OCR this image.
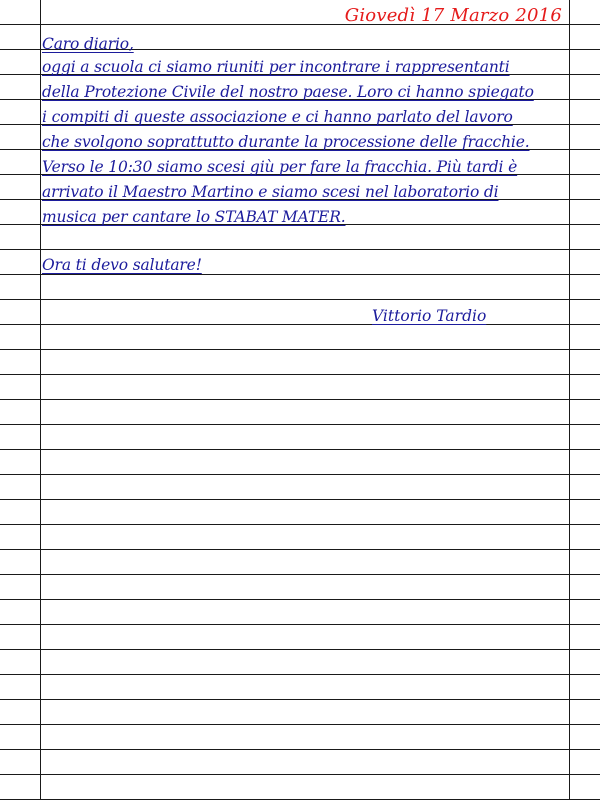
Giovedì 17 Marzo 2016
Caro diario,
oggi a scuola ci siamo riuniti per incontrare i rappresentanti
della Protezione Civile del nostro paese. Loro ci hanno spiegato
i compiti di queste associazione e ci hanno parlato del lavoro
che svolgono soprattutto durante la processione delle fracchie.
Verso le 10:30 siamo scesi giù per fare la fracchia. Più tardi è
arrivato il Maestro Martino e siamo scesi nel laboratorio di
musica per cantare lo STABAT MATER.
Ora ti devo salutare!
Vittorio Tardio
